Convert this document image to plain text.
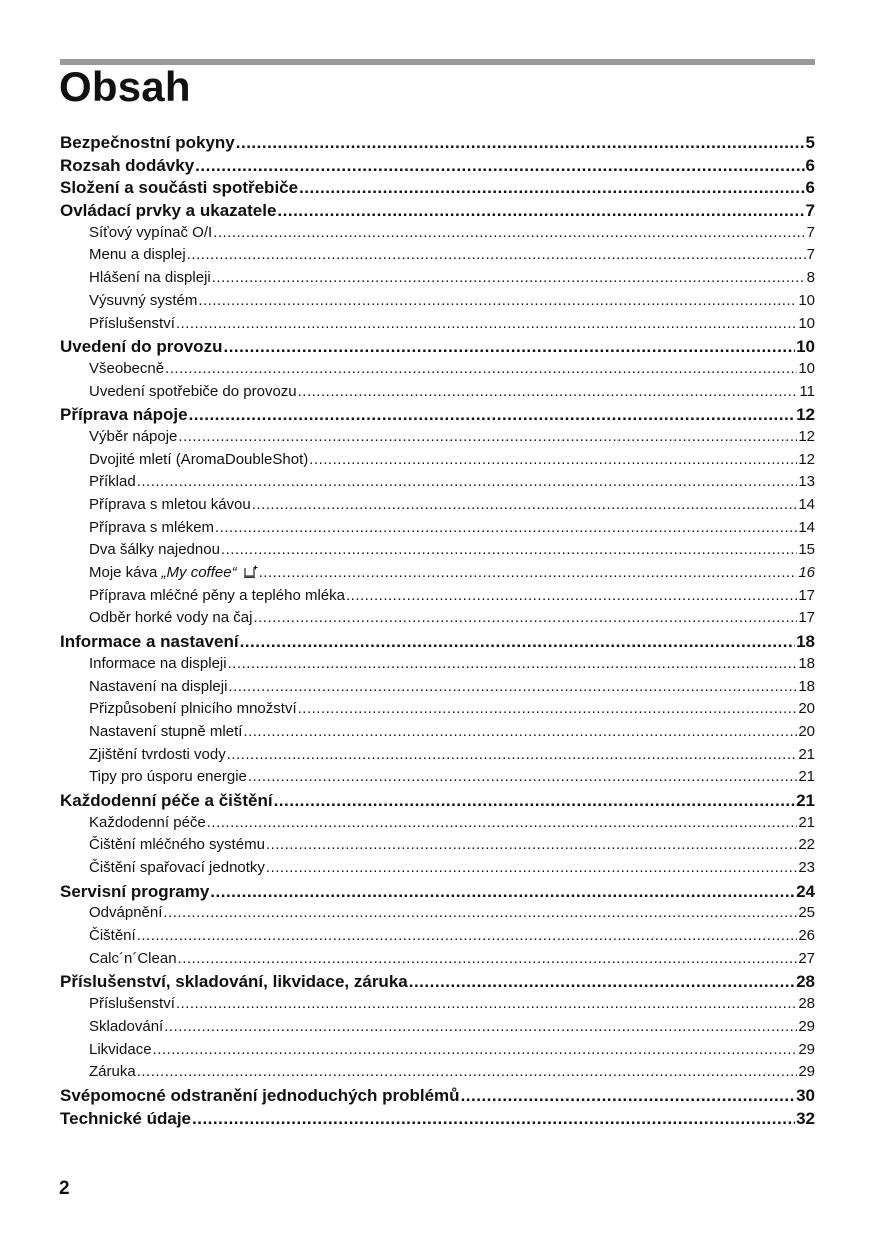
Obsah
Bezpečnostní pokyny .....	5
Rozsah dodávky .....	6
Složení a součásti spotřebiče .....	6
Ovládací prvky a ukazatele .....	7
Síťový vypínač O/I .....	7
Menu a displej .....	7
Hlášení na displeji .....	8
Výsuvný systém .....	10
Příslušenství .....	10
Uvedení do provozu .....	10
Všeobecně .....	10
Uvedení spotřebiče do provozu .....	11
Příprava nápoje .....	12
Výběr nápoje .....	12
Dvojité mletí (AromaDoubleShot) .....	12
Příklad .....	13
Příprava s mletou kávou .....	14
Příprava s mlékem .....	14
Dva šálky najednou .....	15
Moje káva „My coffee“ .....	16
Příprava mléčné pěny a teplého mléka .....	17
Odběr horké vody na čaj .....	17
Informace a nastavení .....	18
Informace na displeji .....	18
Nastavení na displeji .....	18
Přizpůsobení plnicího množství .....	20
Nastavení stupně mletí .....	20
Zjištění tvrdosti vody .....	21
Tipy pro úsporu energie .....	21
Každodenní péče a čištění .....	21
Každodenní péče .....	21
Čištění mléčného systému .....	22
Čištění spařovací jednotky .....	23
Servisní programy .....	24
Odvápnění .....	25
Čištění .....	26
Calc´n´Clean .....	27
Příslušenství, skladování, likvidace, záruka .....	28
Příslušenství .....	28
Skladování .....	29
Likvidace .....	29
Záruka .....	29
Svépomocné odstranění jednoduchých problémů .....	30
Technické údaje .....	32
2
